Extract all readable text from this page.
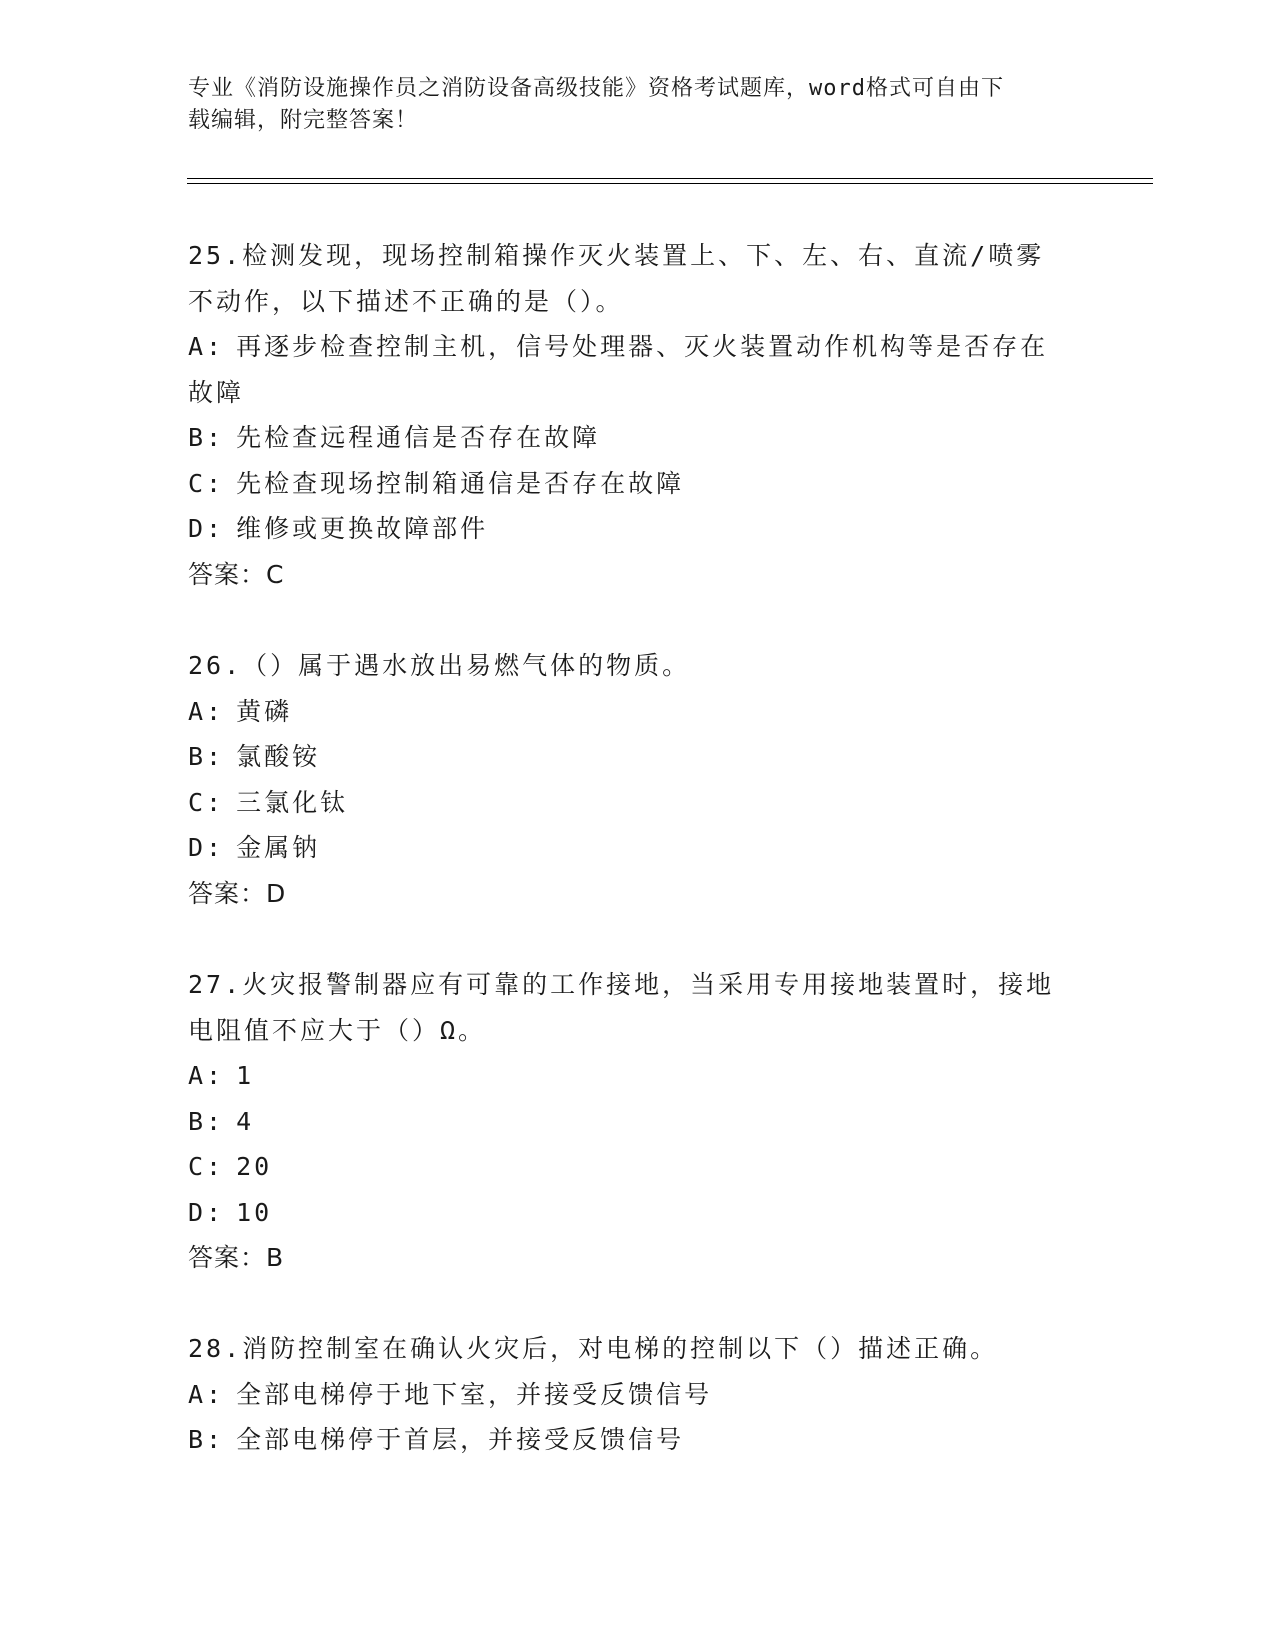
专业《消防设施操作员之消防设备高级技能》资格考试题库，word格式可自由下
载编辑，附完整答案！
25.检测发现，现场控制箱操作灭火装置上、下、左、右、直流/喷雾
不动作，以下描述不正确的是（）。
A: 再逐步检查控制主机，信号处理器、灭火装置动作机构等是否存在
故障
B: 先检查远程通信是否存在故障
C: 先检查现场控制箱通信是否存在故障
D: 维修或更换故障部件
答案：C
26.（）属于遇水放出易燃气体的物质。
A: 黄磷
B: 氯酸铵
C: 三氯化钛
D: 金属钠
答案：D
27.火灾报警制器应有可靠的工作接地，当采用专用接地装置时，接地
电阻值不应大于（）Ω。
A: 1
B: 4
C: 20
D: 10
答案：B
28.消防控制室在确认火灾后，对电梯的控制以下（）描述正确。
A: 全部电梯停于地下室，并接受反馈信号
B: 全部电梯停于首层，并接受反馈信号
